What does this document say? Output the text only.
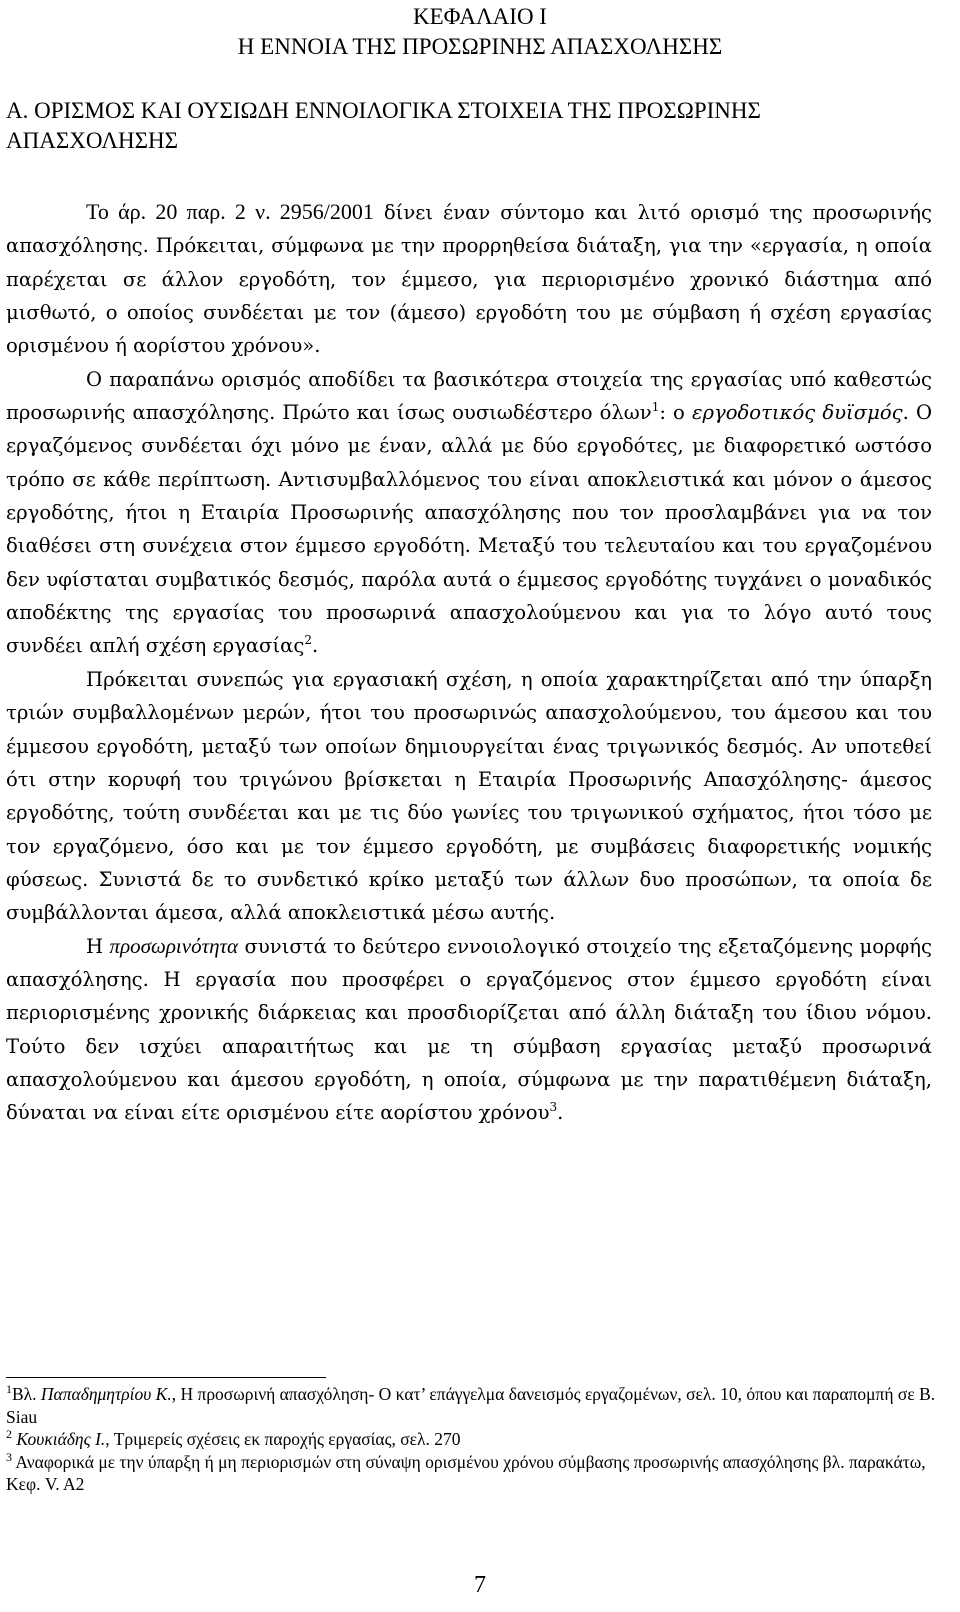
ΚΕΦΑΛΑΙΟ Ι
Η ΕΝΝΟΙΑ ΤΗΣ ΠΡΟΣΩΡΙΝΗΣ ΑΠΑΣΧΟΛΗΣΗΣ
Α. ΟΡΙΣΜΟΣ ΚΑΙ ΟΥΣΙΩΔΗ ΕΝΝΟΙΛΟΓΙΚΑ ΣΤΟΙΧΕΙΑ ΤΗΣ ΠΡΟΣΩΡΙΝΗΣ ΑΠΑΣΧΟΛΗΣΗΣ

Το άρ. 20 παρ. 2 ν. 2956/2001 δίνει έναν σύντομο και λιτό ορισμό της προσωρινής απασχόλησης. Πρόκειται, σύμφωνα με την προρρηθείσα διάταξη, για την «εργασία, η οποία παρέχεται σε άλλον εργοδότη, τον έμμεσο, για περιορισμένο χρονικό διάστημα από μισθωτό, ο οποίος συνδέεται με τον (άμεσο) εργοδότη του με σύμβαση ή σχέση εργασίας ορισμένου ή αορίστου χρόνου».

Ο παραπάνω ορισμός αποδίδει τα βασικότερα στοιχεία της εργασίας υπό καθεστώς προσωρινής απασχόλησης. Πρώτο και ίσως ουσιωδέστερο όλων$^1$: ο εργοδοτικός δυϊσμός. Ο εργαζόμενος συνδέεται όχι μόνο με έναν, αλλά με δύο εργοδότες, με διαφορετικό ωστόσο τρόπο σε κάθε περίπτωση. Αντισυμβαλλόμενος του είναι αποκλειστικά και μόνον ο άμεσος εργοδότης, ήτοι η Εταιρία Προσωρινής απασχόλησης που τον προσλαμβάνει για να τον διαθέσει στη συνέχεια στον έμμεσο εργοδότη. Μεταξύ του τελευταίου και του εργαζομένου δεν υφίσταται συμβατικός δεσμός, παρόλα αυτά ο έμμεσος εργοδότης τυγχάνει ο μοναδικός αποδέκτης της εργασίας του προσωρινά απασχολούμενου και για το λόγο αυτό τους συνδέει απλή σχέση εργασίας$^2$.

Πρόκειται συνεπώς για εργασιακή σχέση, η οποία χαρακτηρίζεται από την ύπαρξη τριών συμβαλλομένων μερών, ήτοι του προσωρινώς απασχολούμενου, του άμεσου και του έμμεσου εργοδότη, μεταξύ των οποίων δημιουργείται ένας τριγωνικός δεσμός. Αν υποτεθεί ότι στην κορυφή του τριγώνου βρίσκεται η Εταιρία Προσωρινής Απασχόλησης- άμεσος εργοδότης, τούτη συνδέεται και με τις δύο γωνίες του τριγωνικού σχήματος, ήτοι τόσο με τον εργαζόμενο, όσο και με τον έμμεσο εργοδότη, με συμβάσεις διαφορετικής νομικής φύσεως. Συνιστά δε το συνδετικό κρίκο μεταξύ των άλλων δυο προσώπων, τα οποία δε συμβάλλονται άμεσα, αλλά αποκλειστικά μέσω αυτής.

Η προσωρινότητα συνιστά το δεύτερο εννοιολογικό στοιχείο της εξεταζόμενης μορφής απασχόλησης. Η εργασία που προσφέρει ο εργαζόμενος στον έμμεσο εργοδότη είναι περιορισμένης χρονικής διάρκειας και προσδιορίζεται από άλλη διάταξη του ίδιου νόμου. Τούτο δεν ισχύει απαραιτήτως και με τη σύμβαση εργασίας μεταξύ προσωρινά απασχολούμενου και άμεσου εργοδότη, η οποία, σύμφωνα με την παρατιθέμενη διάταξη, δύναται να είναι είτε ορισμένου είτε αορίστου χρόνου$^3$.

$^1$Βλ. Παπαδημητρίου Κ., Η προσωρινή απασχόληση- Ο κατ’ επάγγελμα δανεισμός εργαζομένων, σελ. 10, όπου και παραπομπή σε B. Siau

$^2$ Κουκιάδης Ι., Τριμερείς σχέσεις εκ παροχής εργασίας, σελ. 270

$^3$ Αναφορικά με την ύπαρξη ή μη περιορισμών στη σύναψη ορισμένου χρόνου σύμβασης προσωρινής απασχόλησης βλ. παρακάτω, Κεφ. V. A2

7
